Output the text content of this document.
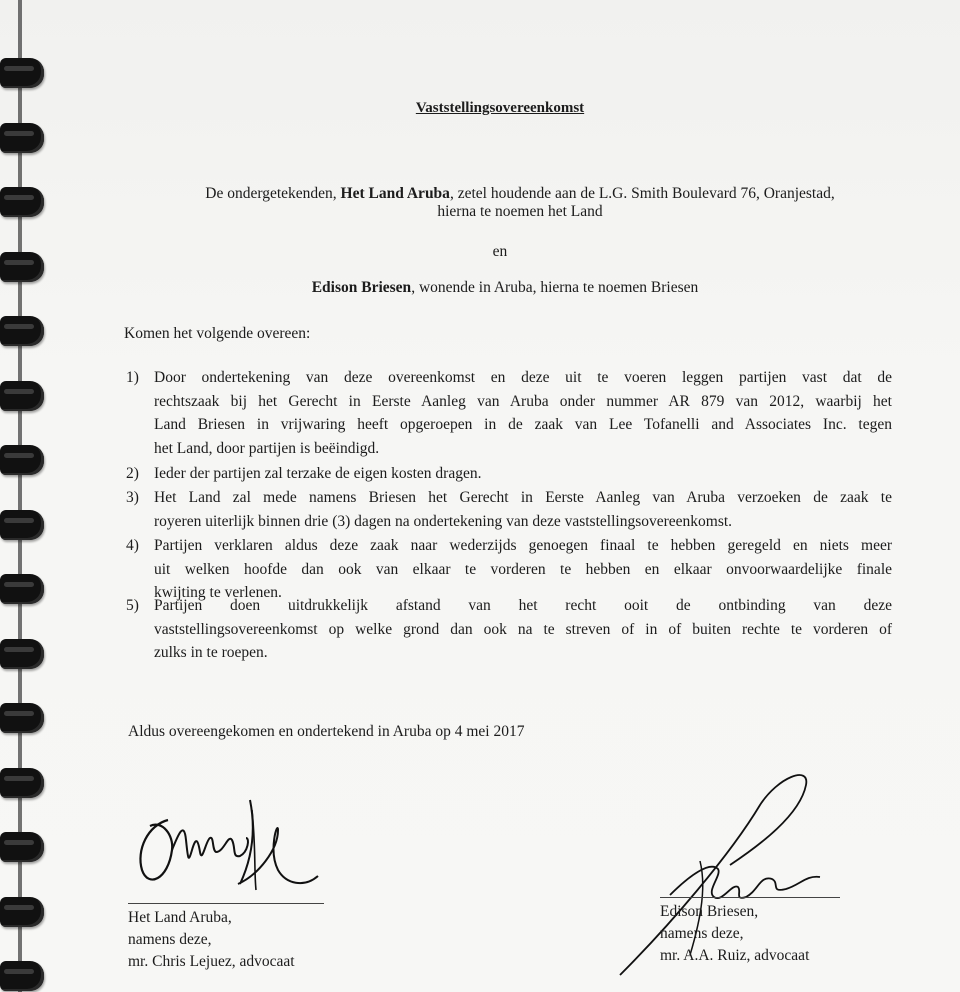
Vaststellingsovereenkomst
De ondergetekenden, Het Land Aruba, zetel houdende aan de L.G. Smith Boulevard 76, Oranjestad,
hierna te noemen het Land
en
Edison Briesen, wonende in Aruba, hierna te noemen Briesen
Komen het volgende overeen:
1) Door ondertekening van deze overeenkomst en deze uit te voeren leggen partijen vast dat de
rechtszaak bij het Gerecht in Eerste Aanleg van Aruba onder nummer AR 879 van 2012, waarbij het
Land Briesen in vrijwaring heeft opgeroepen in de zaak van Lee Tofanelli and Associates Inc. tegen
het Land, door partijen is beëindigd.
2) Ieder der partijen zal terzake de eigen kosten dragen.
3) Het Land zal mede namens Briesen het Gerecht in Eerste Aanleg van Aruba verzoeken de zaak te
royeren uiterlijk binnen drie (3) dagen na ondertekening van deze vaststellingsovereenkomst.
4) Partijen verklaren aldus deze zaak naar wederzijds genoegen finaal te hebben geregeld en niets meer
uit welken hoofde dan ook van elkaar te vorderen te hebben en elkaar onvoorwaardelijke finale
kwijting te verlenen.
5) Partijen doen uitdrukkelijk afstand van het recht ooit de ontbinding van deze
vaststellingsovereenkomst op welke grond dan ook na te streven of in of buiten rechte te vorderen of
zulks in te roepen.
Aldus overeengekomen en ondertekend in Aruba op 4 mei 2017
Het Land Aruba,
namens deze,
mr. Chris Lejuez, advocaat
Edison Briesen,
namens deze,
mr. A.A. Ruiz, advocaat
